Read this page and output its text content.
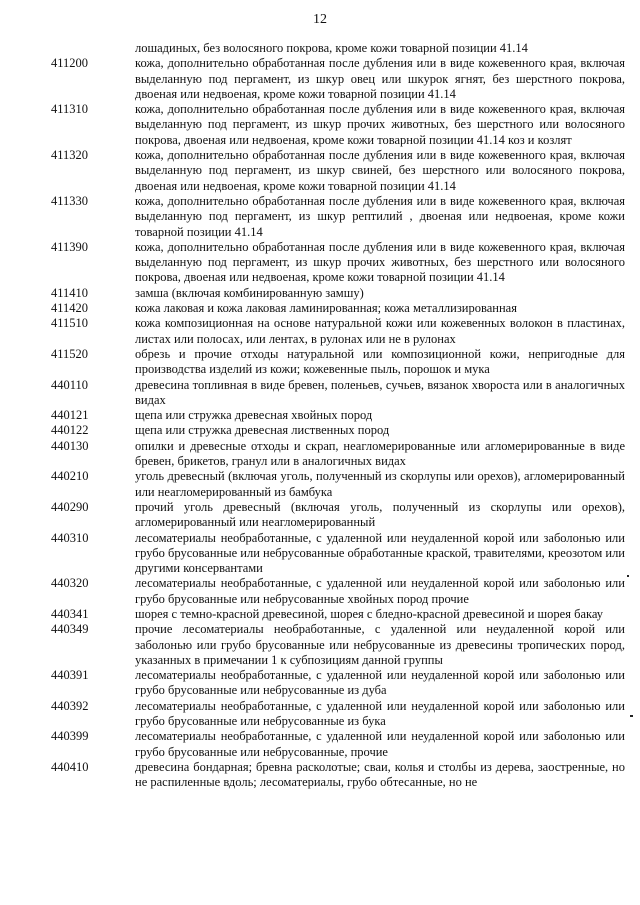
12
лошадиных, без волосяного покрова, кроме кожи товарной позиции 41.14
411200	кожа, дополнительно обработанная после дубления или в виде кожевенного края, включая выделанную под пергамент, из шкур овец или шкурок ягнят, без шерстного покрова, двоеная или недвоеная, кроме кожи товарной позиции 41.14
411310	кожа, дополнительно обработанная после дубления или в виде кожевенного края, включая выделанную под пергамент, из шкур прочих животных, без шерстного или волосяного покрова, двоеная или недвоеная, кроме кожи товарной позиции 41.14 коз и козлят
411320	кожа, дополнительно обработанная после дубления или в виде кожевенного края, включая выделанную под пергамент, из шкур свиней, без шерстного или волосяного покрова, двоеная или недвоеная, кроме кожи товарной позиции 41.14
411330	кожа, дополнительно обработанная после дубления или в виде кожевенного края, включая выделанную под пергамент, из шкур рептилий , двоеная или недвоеная, кроме кожи товарной позиции 41.14
411390	кожа, дополнительно обработанная после дубления или в виде кожевенного края, включая выделанную под пергамент, из шкур прочих животных, без шерстного или волосяного покрова, двоеная или недвоеная, кроме кожи товарной позиции 41.14
411410	замша (включая комбинированную замшу)
411420	кожа лаковая и кожа лаковая ламинированная; кожа металлизированная
411510	кожа композиционная на основе натуральной кожи или кожевенных волокон в пластинах, листах или полосах, или лентах, в рулонах или не в рулонах
411520	обрезь и прочие отходы натуральной или композиционной кожи, непригодные для производства изделий из кожи; кожевенные пыль, порошок и мука
440110	древесина топливная в виде бревен, поленьев, сучьев, вязанок хвороста или в аналогичных видах
440121	щепа или стружка древесная хвойных пород
440122	щепа или стружка древесная лиственных пород
440130	опилки и древесные отходы и скрап, неагломерированные или агломерированные в виде бревен, брикетов, гранул или в аналогичных видах
440210	уголь древесный (включая уголь, полученный из скорлупы или орехов), агломерированный или неагломерированный из бамбука
440290	прочий уголь древесный (включая уголь, полученный из скорлупы или орехов), агломерированный или неагломерированный
440310	лесоматериалы необработанные, с удаленной или неудаленной корой или заболонью или грубо брусованные или небрусованные обработанные краской, травителями, креозотом или другими консервантами
440320	лесоматериалы необработанные, с удаленной или неудаленной корой или заболонью или грубо брусованные или небрусованные хвойных пород прочие
440341	шорея с темно-красной древесиной, шорея с бледно-красной древесиной и шорея бакау
440349	прочие лесоматериалы необработанные, с удаленной или неудаленной корой или заболонью или грубо брусованные или небрусованные из древесины тропических пород, указанных в примечании 1 к субпозициям данной группы
440391	лесоматериалы необработанные, с удаленной или неудаленной корой или заболонью или грубо брусованные или небрусованные из дуба
440392	лесоматериалы необработанные, с удаленной или неудаленной корой или заболонью или грубо брусованные или небрусованные из бука
440399	лесоматериалы необработанные, с удаленной или неудаленной корой или заболонью или грубо брусованные или небрусованные, прочие
440410	древесина бондарная; бревна расколотые; сваи, колья и столбы из дерева, заостренные, но не распиленные вдоль; лесоматериалы, грубо обтесанные, но не
